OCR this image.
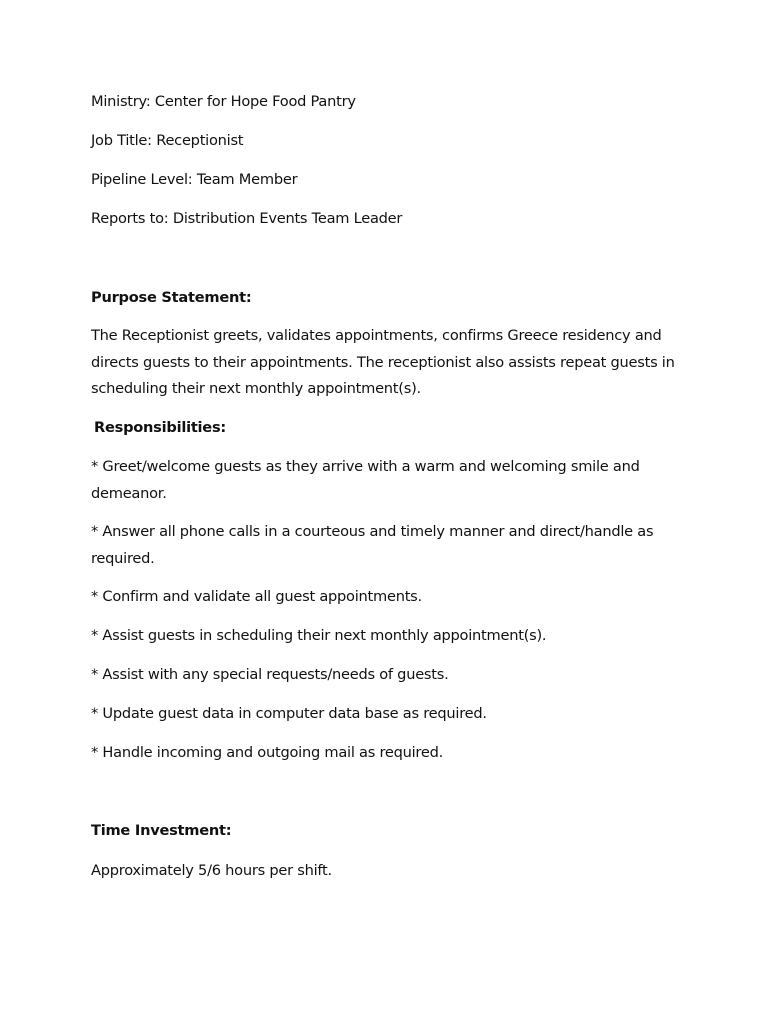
Ministry: Center for Hope Food Pantry
Job Title: Receptionist
Pipeline Level: Team Member
Reports to: Distribution Events Team Leader
Purpose Statement:
The Receptionist greets, validates appointments, confirms Greece residency and
directs guests to their appointments. The receptionist also assists repeat guests in
scheduling their next monthly appointment(s).
Responsibilities:
* Greet/welcome guests as they arrive with a warm and welcoming smile and
demeanor.
* Answer all phone calls in a courteous and timely manner and direct/handle as
required.
* Confirm and validate all guest appointments.
* Assist guests in scheduling their next monthly appointment(s).
* Assist with any special requests/needs of guests.
* Update guest data in computer data base as required.
* Handle incoming and outgoing mail as required.
Time Investment:
Approximately 5/6 hours per shift.
